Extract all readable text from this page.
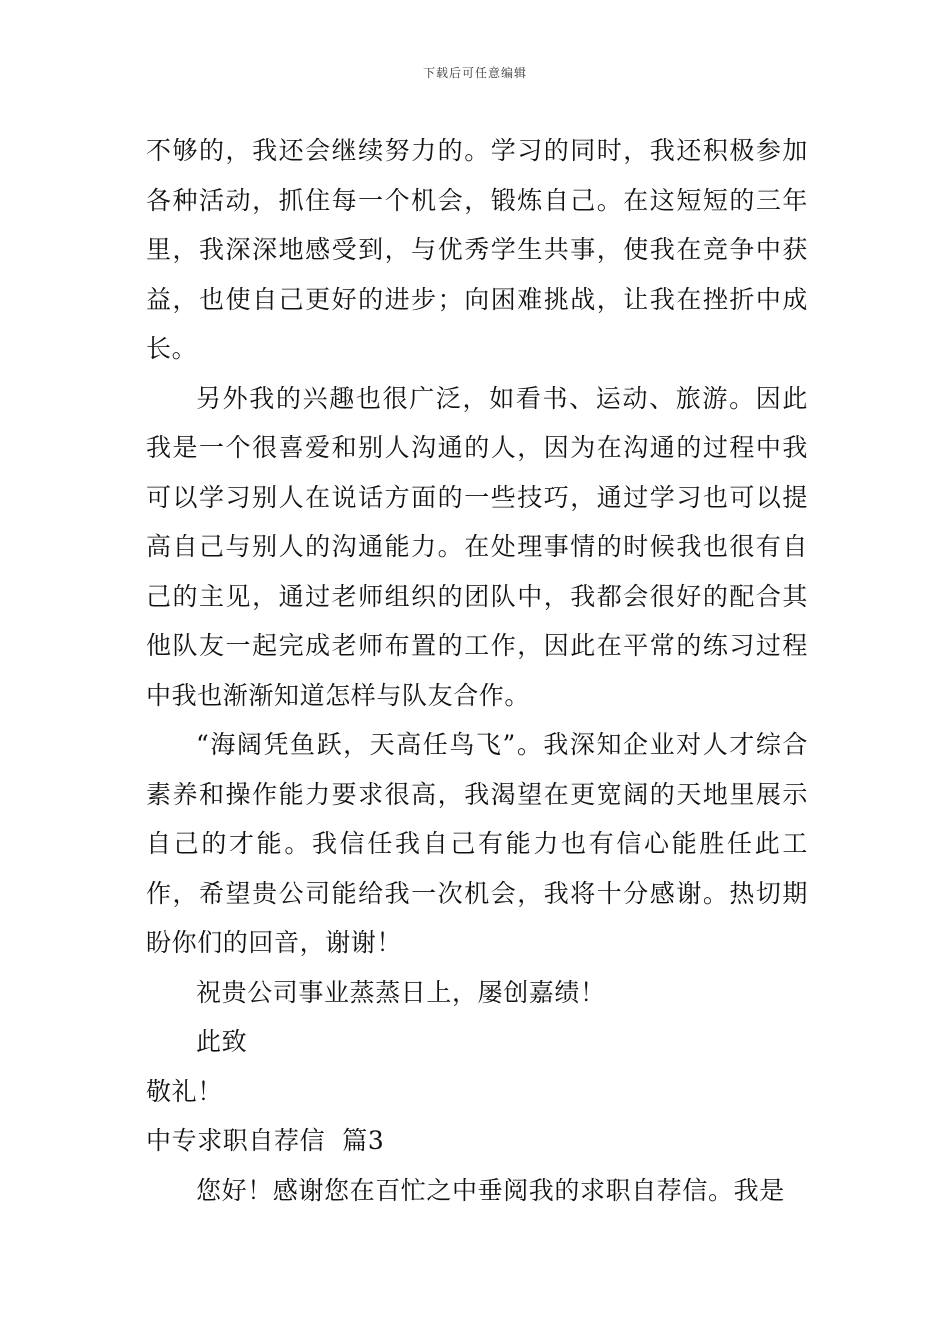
下载后可任意编辑

不够的，我还会继续努力的。学习的同时，我还积极参加各种活动，抓住每一个机会，锻炼自己。在这短短的三年里，我深深地感受到，与优秀学生共事，使我在竞争中获益，也使自己更好的进步；向困难挑战，让我在挫折中成长。

另外我的兴趣也很广泛，如看书、运动、旅游。因此我是一个很喜爱和别人沟通的人，因为在沟通的过程中我可以学习别人在说话方面的一些技巧，通过学习也可以提高自己与别人的沟通能力。在处理事情的时候我也很有自己的主见，通过老师组织的团队中，我都会很好的配合其他队友一起完成老师布置的工作，因此在平常的练习过程中我也渐渐知道怎样与队友合作。

“海阔凭鱼跃，天高任鸟飞”。我深知企业对人才综合素养和操作能力要求很高，我渴望在更宽阔的天地里展示自己的才能。我信任我自己有能力也有信心能胜任此工作，希望贵公司能给我一次机会，我将十分感谢。热切期盼你们的回音，谢谢！

祝贵公司事业蒸蒸日上，屡创嘉绩！

此致

敬礼！

中专求职自荐信  篇3

您好！感谢您在百忙之中垂阅我的求职自荐信。我是
